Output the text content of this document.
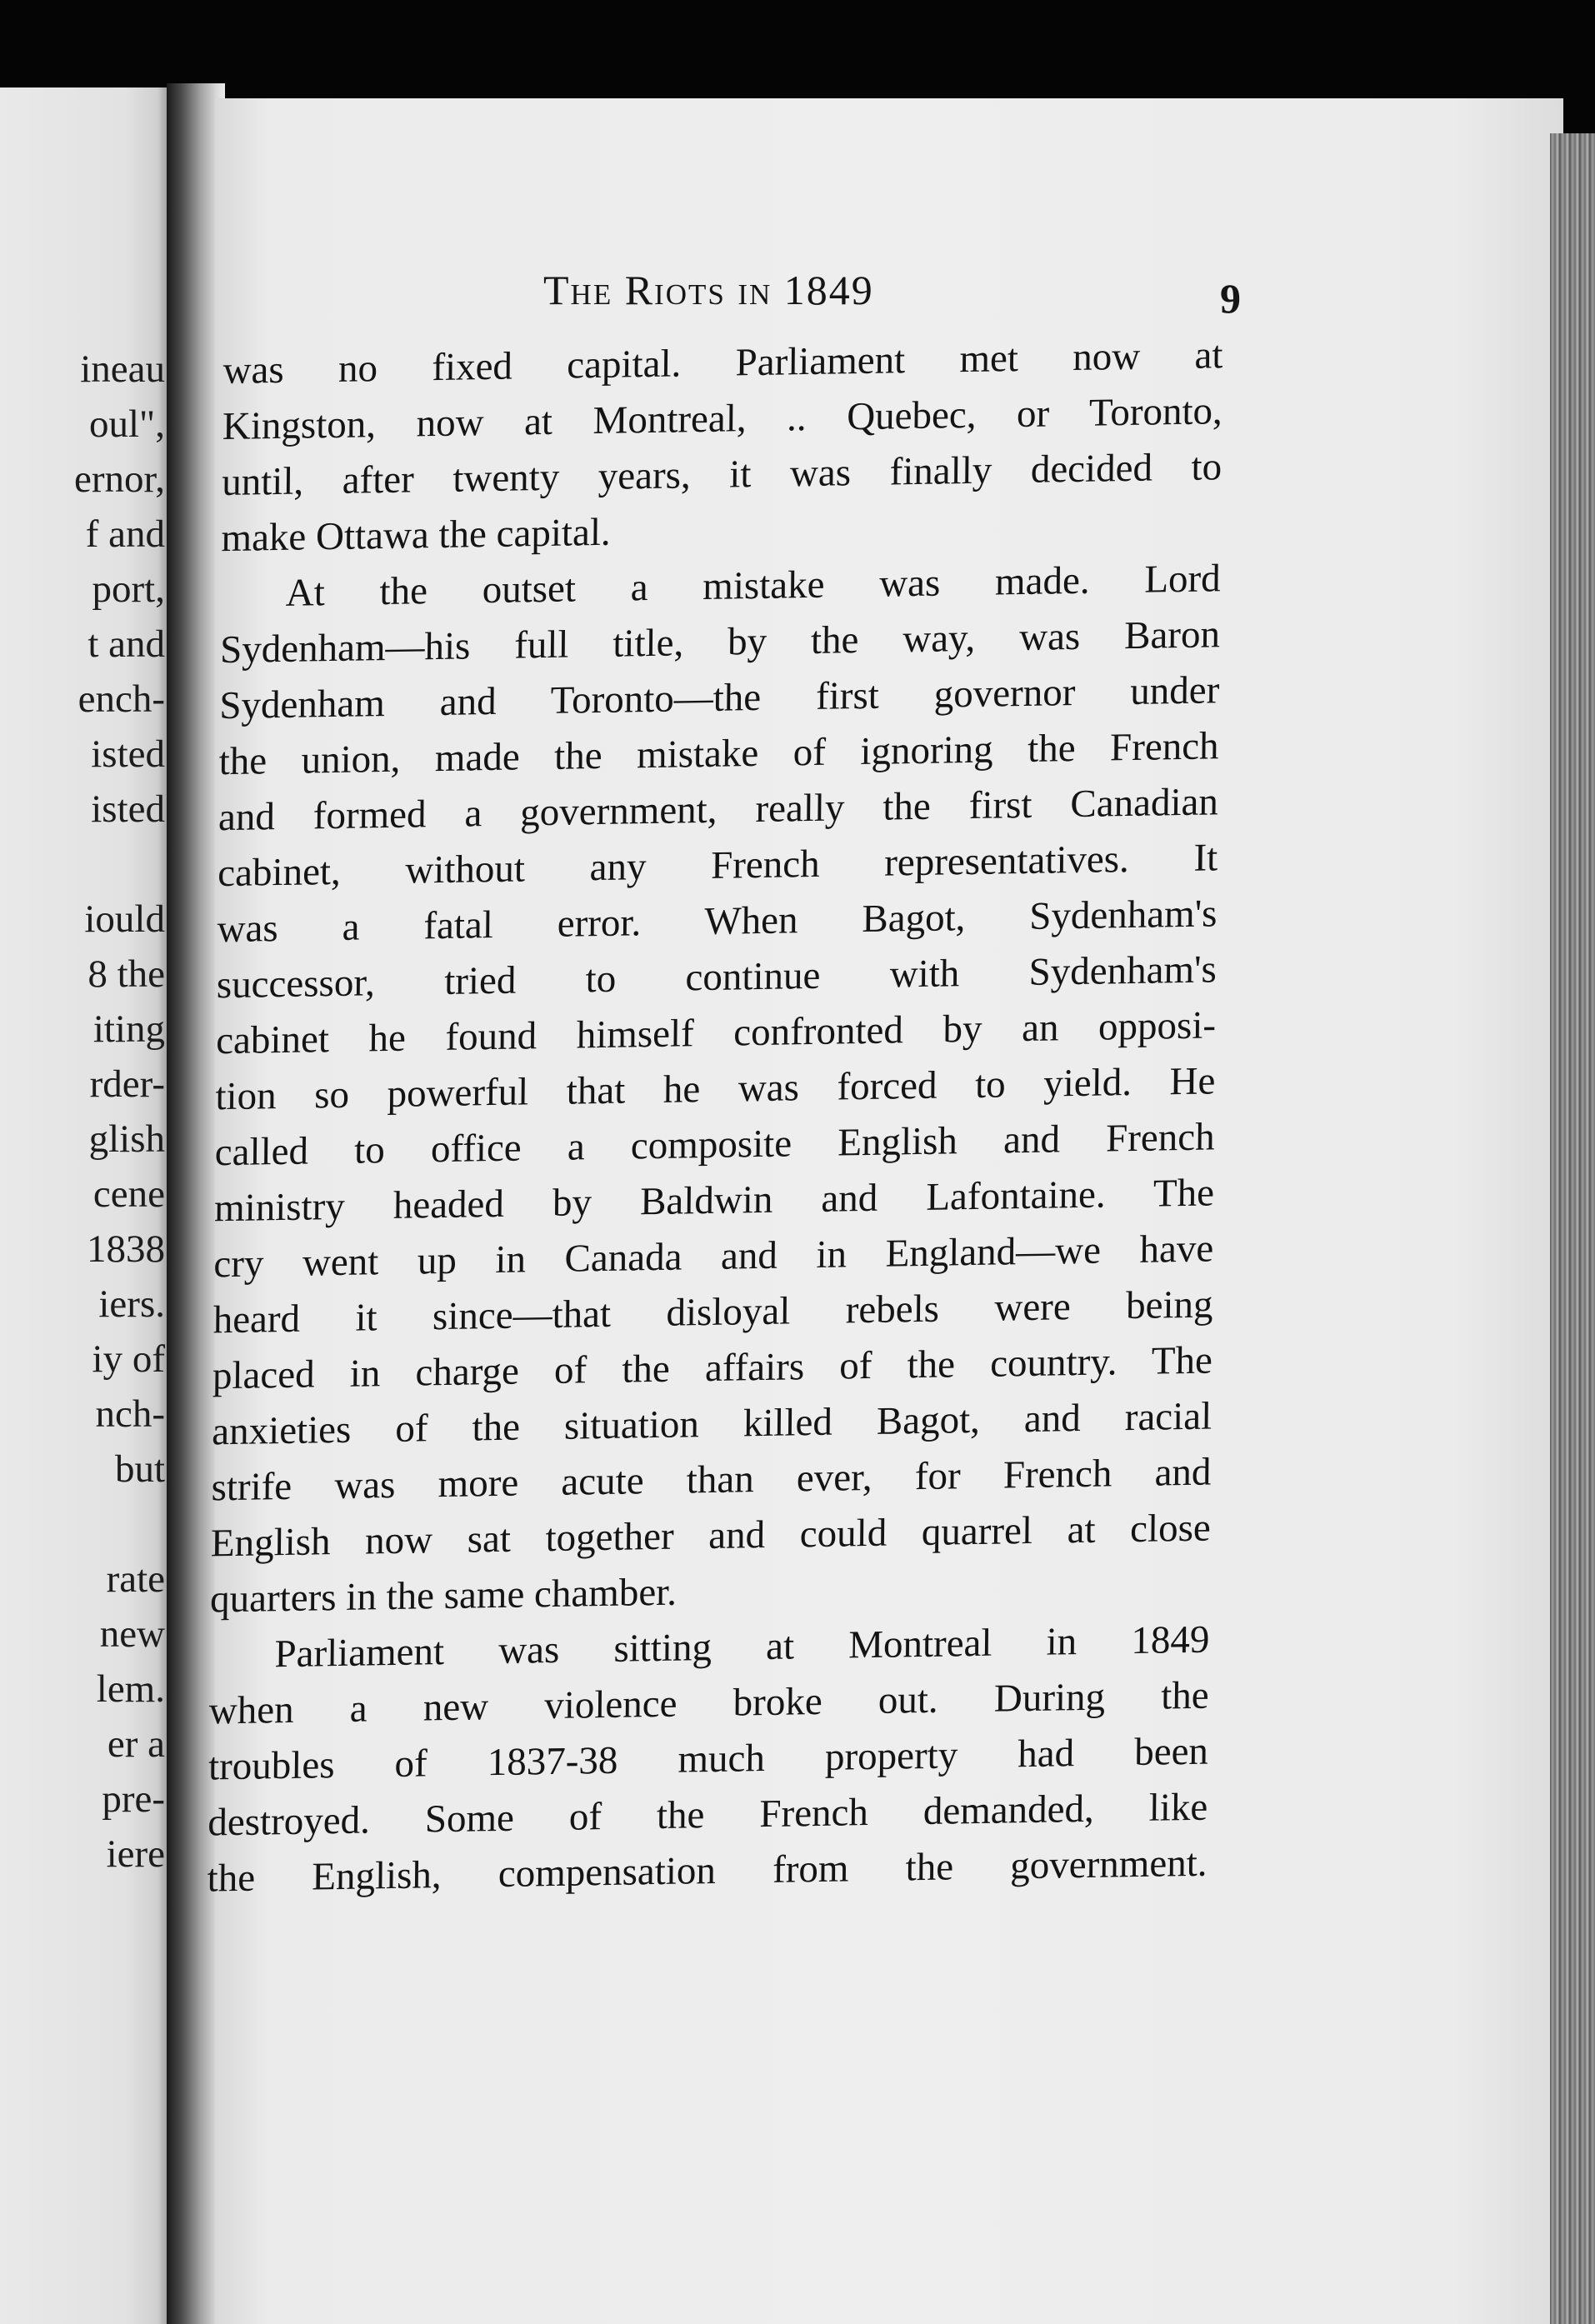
ineau
oul",
ernor,
f and
port,
t and
ench-
isted
isted
iould
8 the
iting
rder-
glish
cene
1838
iers.
iy of
nch-
but
rate
new
lem.
er a
pre-
iere
The Riots in 1849	9

was no fixed capital. Parliament met now at
Kingston, now at Montreal, .. Quebec, or Toronto,
until, after twenty years, it was finally decided to
make Ottawa the capital.

At the outset a mistake was made. Lord
Sydenham—his full title, by the way, was Baron
Sydenham and Toronto—the first governor under
the union, made the mistake of ignoring the French
and formed a government, really the first Canadian
cabinet, without any French representatives. It
was a fatal error. When Bagot, Sydenham's
successor, tried to continue with Sydenham's
cabinet he found himself confronted by an opposi-
tion so powerful that he was forced to yield. He
called to office a composite English and French
ministry headed by Baldwin and Lafontaine. The
cry went up in Canada and in England—we have
heard it since—that disloyal rebels were being
placed in charge of the affairs of the country. The
anxieties of the situation killed Bagot, and racial
strife was more acute than ever, for French and
English now sat together and could quarrel at close
quarters in the same chamber.

Parliament was sitting at Montreal in 1849
when a new violence broke out. During the
troubles of 1837-38 much property had been
destroyed. Some of the French demanded, like
the English, compensation from the government.
